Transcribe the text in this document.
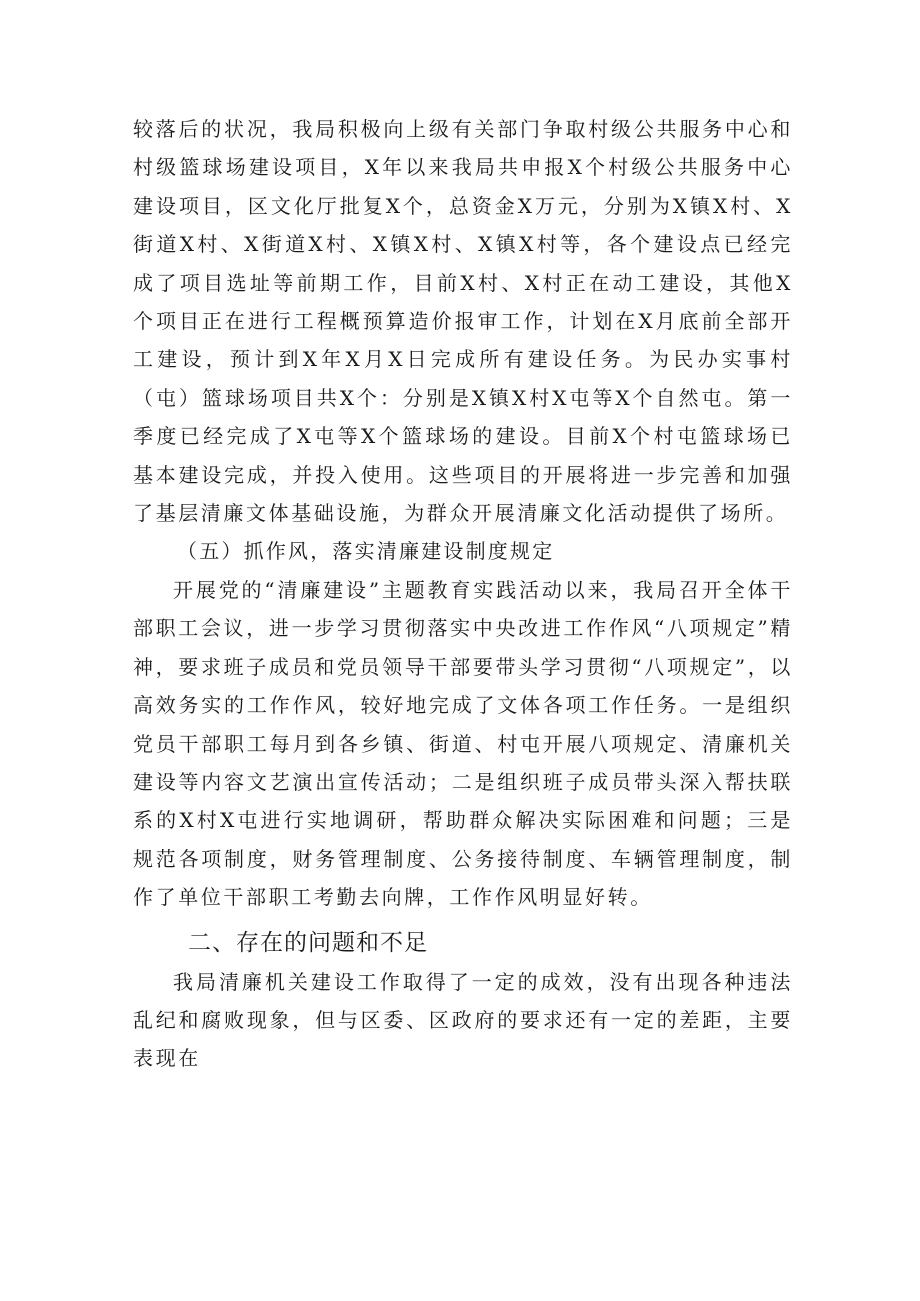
较落后的状况，我局积极向上级有关部门争取村级公共服务中心和村级篮球场建设项目，X年以来我局共申报X个村级公共服务中心建设项目，区文化厅批复X个，总资金X万元，分别为X镇X村、X街道X村、X街道X村、X镇X村、X镇X村等，各个建设点已经完成了项目选址等前期工作，目前X村、X村正在动工建设，其他X个项目正在进行工程概预算造价报审工作，计划在X月底前全部开工建设，预计到X年X月X日完成所有建设任务。为民办实事村（屯）篮球场项目共X个：分别是X镇X村X屯等X个自然屯。第一季度已经完成了X屯等X个篮球场的建设。目前X个村屯篮球场已基本建设完成，并投入使用。这些项目的开展将进一步完善和加强了基层清廉文体基础设施，为群众开展清廉文化活动提供了场所。

（五）抓作风，落实清廉建设制度规定

开展党的“清廉建设”主题教育实践活动以来，我局召开全体干部职工会议，进一步学习贯彻落实中央改进工作作风“八项规定”精神，要求班子成员和党员领导干部要带头学习贯彻“八项规定”，以高效务实的工作作风，较好地完成了文体各项工作任务。一是组织党员干部职工每月到各乡镇、街道、村屯开展八项规定、清廉机关建设等内容文艺演出宣传活动；二是组织班子成员带头深入帮扶联系的X村X屯进行实地调研，帮助群众解决实际困难和问题；三是规范各项制度，财务管理制度、公务接待制度、车辆管理制度，制作了单位干部职工考勤去向牌，工作作风明显好转。

二、存在的问题和不足

我局清廉机关建设工作取得了一定的成效，没有出现各种违法乱纪和腐败现象，但与区委、区政府的要求还有一定的差距，主要表现在
